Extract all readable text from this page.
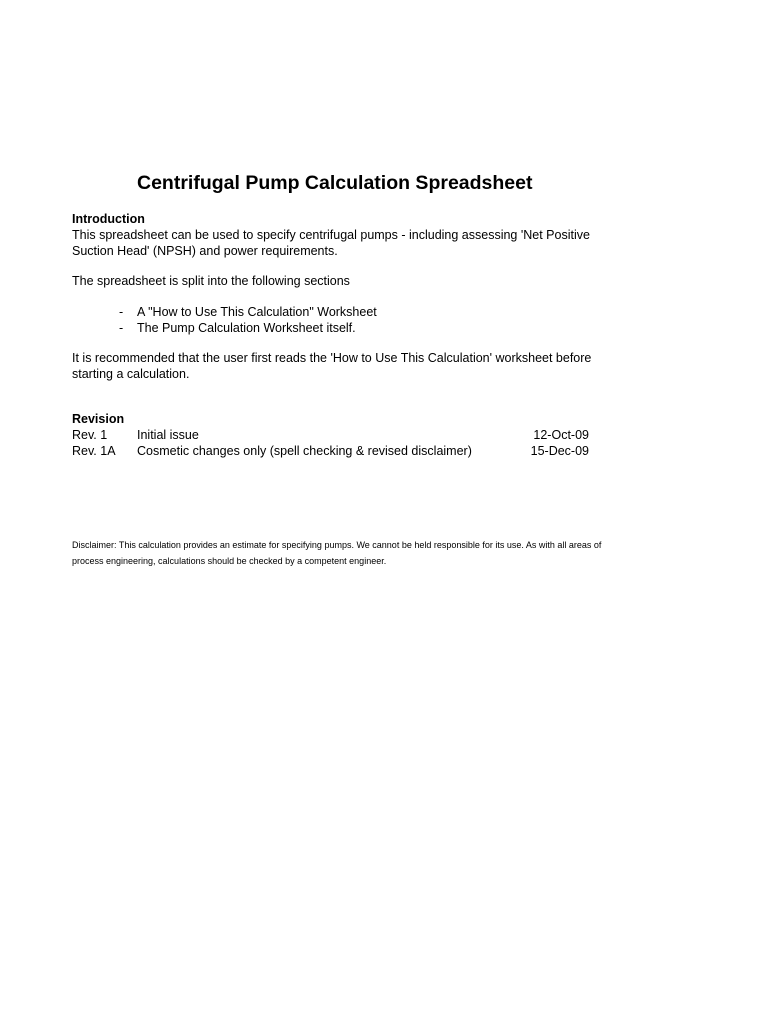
Centrifugal Pump Calculation Spreadsheet
Introduction

This spreadsheet can be used to specify centrifugal pumps - including assessing 'Net Positive Suction Head' (NPSH) and power requirements.

The spreadsheet is split into the following sections

-	A "How to Use This Calculation" Worksheet
-	The Pump Calculation Worksheet itself.

It is recommended that the user first reads the 'How to Use This Calculation' worksheet before starting a calculation.

Revision
Rev. 1	Initial issue	12-Oct-09
Rev. 1A	Cosmetic changes only (spell checking & revised disclaimer)	15-Dec-09

Disclaimer: This calculation provides an estimate for specifying pumps. We cannot be held responsible for its use. As with all areas of process engineering, calculations should be checked by a competent engineer.
